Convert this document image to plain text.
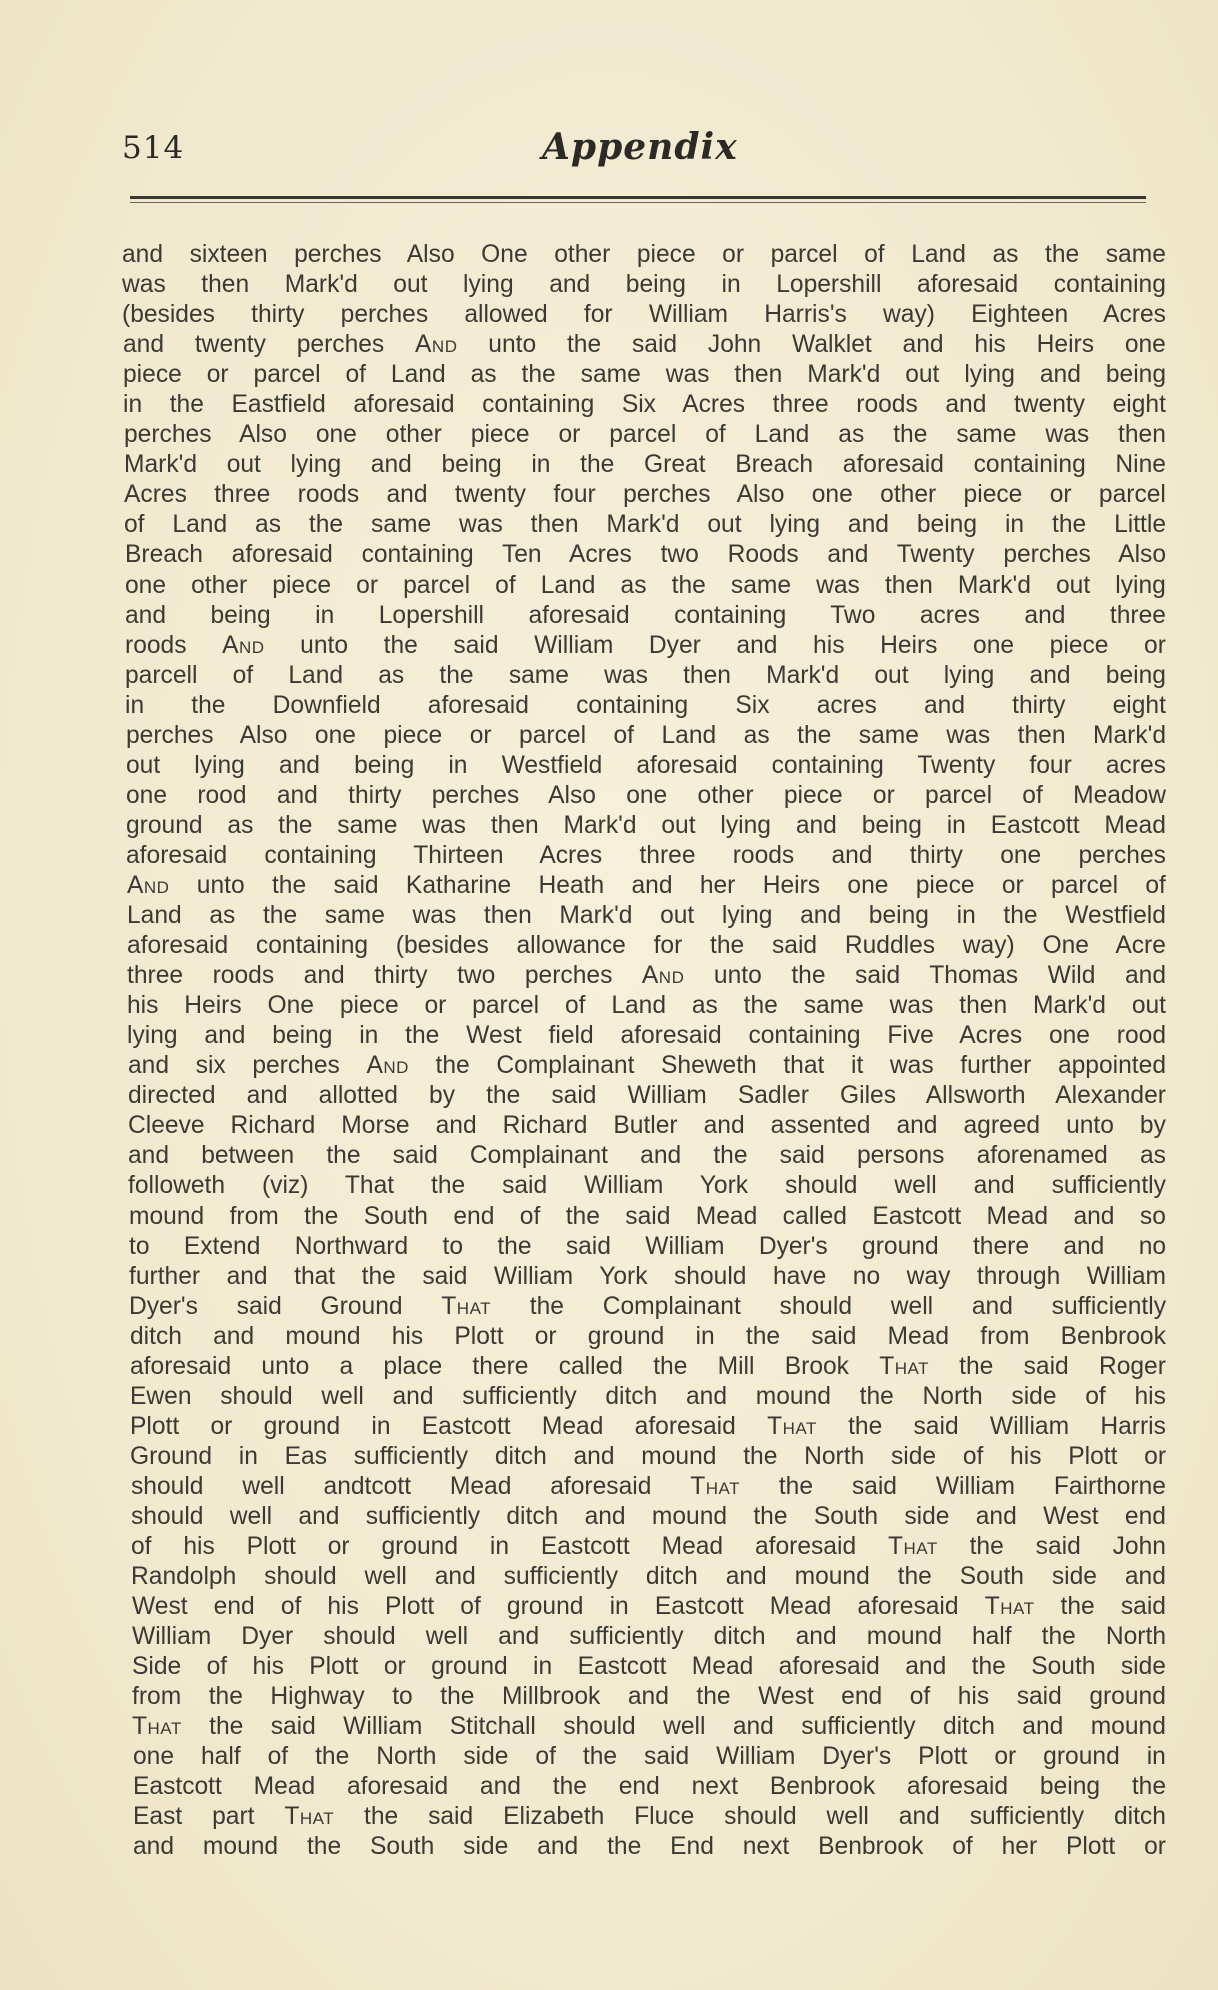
514	Appendix
and sixteen perches Also One other piece or parcel of Land as the same
was then Mark'd out lying and being in Lopershill aforesaid containing
(besides thirty perches allowed for William Harris's way) Eighteen Acres
and twenty perches And unto the said John Walklet and his Heirs one
piece or parcel of Land as the same was then Mark'd out lying and being
in the Eastfield aforesaid containing Six Acres three roods and twenty eight
perches Also one other piece or parcel of Land as the same was then
Mark'd out lying and being in the Great Breach aforesaid containing Nine
Acres three roods and twenty four perches Also one other piece or parcel
of Land as the same was then Mark'd out lying and being in the Little
Breach aforesaid containing Ten Acres two Roods and Twenty perches Also
one other piece or parcel of Land as the same was then Mark'd out lying
and being in Lopershill aforesaid containing Two acres and three
roods And unto the said William Dyer and his Heirs one piece or
parcell of Land as the same was then Mark'd out lying and being
in the Downfield aforesaid containing Six acres and thirty eight
perches Also one piece or parcel of Land as the same was then Mark'd
out lying and being in Westfield aforesaid containing Twenty four acres
one rood and thirty perches Also one other piece or parcel of Meadow
ground as the same was then Mark'd out lying and being in Eastcott Mead
aforesaid containing Thirteen Acres three roods and thirty one perches
And unto the said Katharine Heath and her Heirs one piece or parcel of
Land as the same was then Mark'd out lying and being in the Westfield
aforesaid containing (besides allowance for the said Ruddles way) One Acre
three roods and thirty two perches And unto the said Thomas Wild and
his Heirs One piece or parcel of Land as the same was then Mark'd out
lying and being in the West field aforesaid containing Five Acres one rood
and six perches And the Complainant Sheweth that it was further appointed
directed and allotted by the said William Sadler Giles Allsworth Alexander
Cleeve Richard Morse and Richard Butler and assented and agreed unto by
and between the said Complainant and the said persons aforenamed as
followeth (viz) That the said William York should well and sufficiently
mound from the South end of the said Mead called Eastcott Mead and so
to Extend Northward to the said William Dyer's ground there and no
further and that the said William York should have no way through William
Dyer's said Ground That the Complainant should well and sufficiently
ditch and mound his Plott or ground in the said Mead from Benbrook
aforesaid unto a place there called the Mill Brook That the said Roger
Ewen should well and sufficiently ditch and mound the North side of his
Plott or ground in Eastcott Mead aforesaid That the said William Harris
Ground in Eas sufficiently ditch and mound the North side of his Plott or
should well andtcott Mead aforesaid That the said William Fairthorne
should well and sufficiently ditch and mound the South side and West end
of his Plott or ground in Eastcott Mead aforesaid That the said John
Randolph should well and sufficiently ditch and mound the South side and
West end of his Plott of ground in Eastcott Mead aforesaid That the said
William Dyer should well and sufficiently ditch and mound half the North
Side of his Plott or ground in Eastcott Mead aforesaid and the South side
from the Highway to the Millbrook and the West end of his said ground
That the said William Stitchall should well and sufficiently ditch and mound
one half of the North side of the said William Dyer's Plott or ground in
Eastcott Mead aforesaid and the end next Benbrook aforesaid being the
East part That the said Elizabeth Fluce should well and sufficiently ditch
and mound the South side and the End next Benbrook of her Plott or
